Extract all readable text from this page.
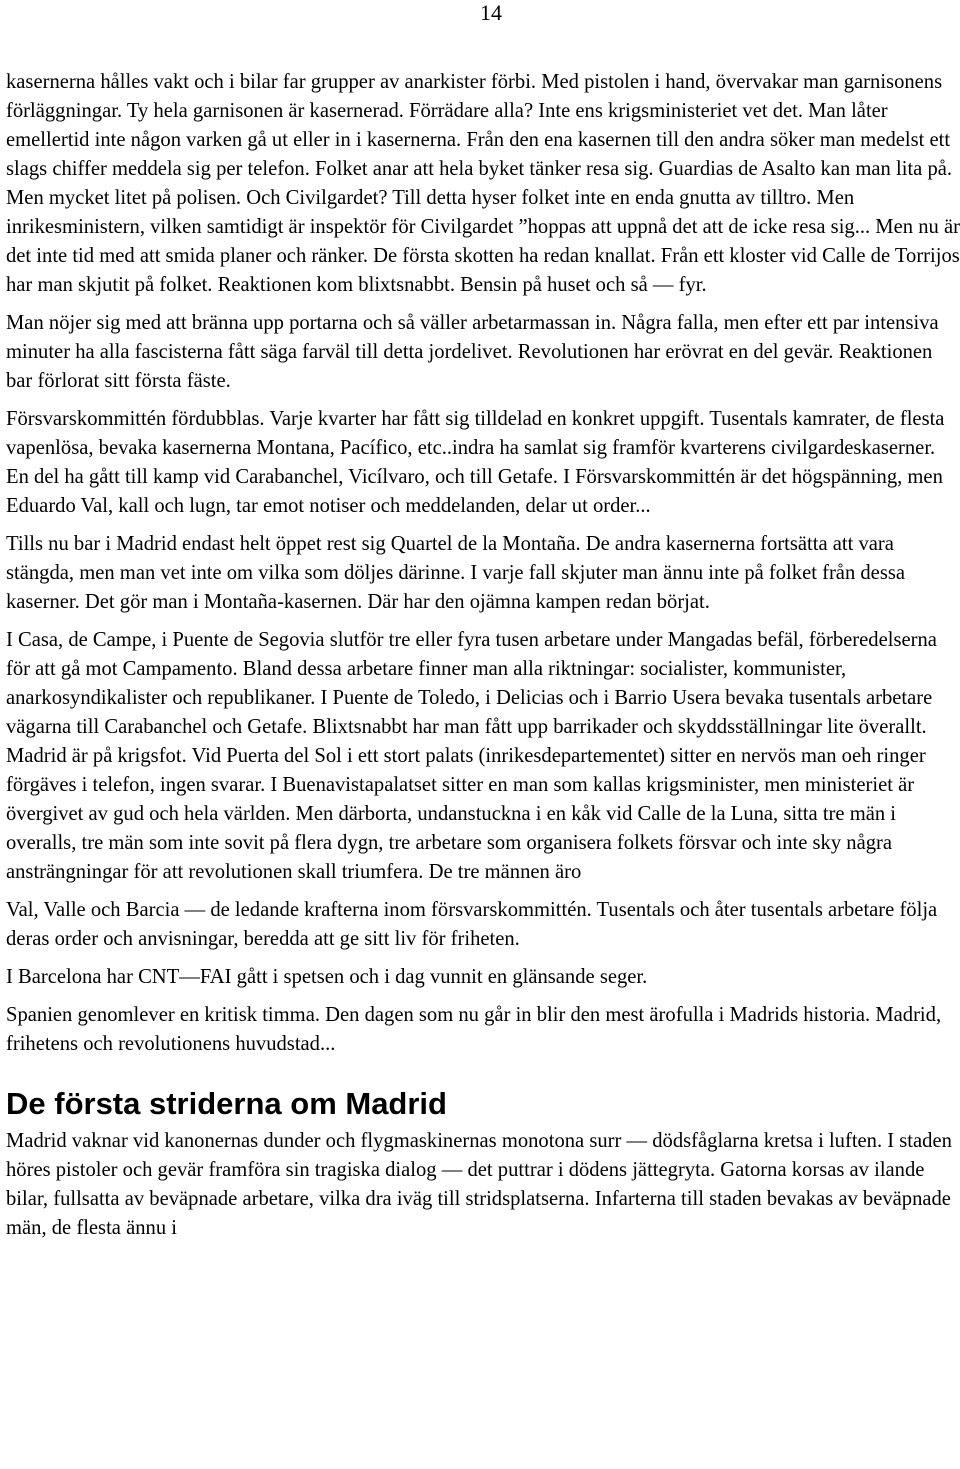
14

kasernerna hålles vakt och i bilar far grupper av anarkister förbi. Med pistolen i hand, övervakar man garnisonens förläggningar. Ty hela garnisonen är kasernerad. Förrädare alla? Inte ens krigsministeriet vet det. Man låter emellertid inte någon varken gå ut eller in i kasernerna. Från den ena kasernen till den andra söker man medelst ett slags chiffer meddela sig per telefon. Folket anar att hela byket tänker resa sig. Guardias de Asalto kan man lita på. Men mycket litet på polisen. Och Civilgardet? Till detta hyser folket inte en enda gnutta av tilltro. Men inrikesministern, vilken samtidigt är inspektör för Civilgardet ”hoppas att uppnå det att de icke resa sig... Men nu är det inte tid med att smida planer och ränker. De första skotten ha redan knallat. Från ett kloster vid Calle de Torrijos har man skjutit på folket. Reaktionen kom blixtsnabbt. Bensin på huset och så — fyr.

Man nöjer sig med att bränna upp portarna och så väller arbetarmassan in. Några falla, men efter ett par intensiva minuter ha alla fascisterna fått säga farväl till detta jordelivet. Revolutionen har erövrat en del gevär. Reaktionen bar förlorat sitt första fäste.

Försvarskommittén fördubblas. Varje kvarter har fått sig tilldelad en konkret uppgift. Tusentals kamrater, de flesta vapenlösa, bevaka kasernerna Montana, Pacífico, etc..indra ha samlat sig framför kvarterens civilgardeskaserner. En del ha gått till kamp vid Carabanchel, Vicílvaro, och till Getafe. I Försvarskommittén är det högspänning, men Eduardo Val, kall och lugn, tar emot notiser och meddelanden, delar ut order...

Tills nu bar i Madrid endast helt öppet rest sig Quartel de la Montaña. De andra kasernerna fortsätta att vara stängda, men man vet inte om vilka som döljes därinne. I varje fall skjuter man ännu inte på folket från dessa kaserner. Det gör man i Montaña-kasernen. Där har den ojämna kampen redan börjat.

I Casa, de Campe, i Puente de Segovia slutför tre eller fyra tusen arbetare under Mangadas befäl, förberedelserna för att gå mot Campamento. Bland dessa arbetare finner man alla riktningar: socialister, kommunister, anarkosyndikalister och republikaner. I Puente de Toledo, i Delicias och i Barrio Usera bevaka tusentals arbetare vägarna till Carabanchel och Getafe. Blixtsnabbt har man fått upp barrikader och skyddsställningar lite överallt. Madrid är på krigsfot. Vid Puerta del Sol i ett stort palats (inrikesdepartementet) sitter en nervös man oeh ringer förgäves i telefon, ingen svarar. I Buenavistapalatset sitter en man som kallas krigsminister, men ministeriet är övergivet av gud och hela världen. Men därborta, undanstuckna i en kåk vid Calle de la Luna, sitta tre män i overalls, tre män som inte sovit på flera dygn, tre arbetare som organisera folkets försvar och inte sky några ansträngningar för att revolutionen skall triumfera. De tre männen äro

Val, Valle och Barcia — de ledande krafterna inom försvarskommittén. Tusentals och åter tusentals arbetare följa deras order och anvisningar, beredda att ge sitt liv för friheten.

I Barcelona har CNT—FAI gått i spetsen och i dag vunnit en glänsande seger.

Spanien genomlever en kritisk timma. Den dagen som nu går in blir den mest ärofulla i Madrids historia. Madrid, frihetens och revolutionens huvudstad...

De första striderna om Madrid

Madrid vaknar vid kanonernas dunder och flygmaskinernas monotona surr — dödsfåglarna kretsa i luften. I staden höres pistoler och gevär framföra sin tragiska dialog — det puttrar i dödens jättegryta. Gatorna korsas av ilande bilar, fullsatta av beväpnade arbetare, vilka dra iväg till stridsplatserna. Infarterna till staden bevakas av beväpnade män, de flesta ännu i
